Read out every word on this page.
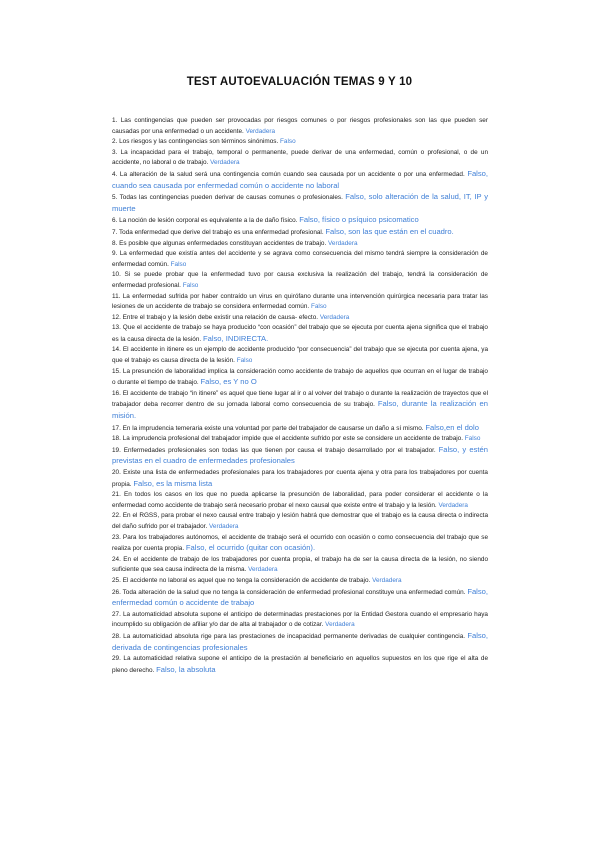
TEST AUTOEVALUACIÓN TEMAS 9 Y 10

1. Las contingencias que pueden ser provocadas por riesgos comunes o por riesgos profesionales son las que pueden ser causadas por una enfermedad o un accidente. Verdadera

2. Los riesgos y las contingencias son términos sinónimos. Falso

3. La incapacidad para el trabajo, temporal o permanente, puede derivar de una enfermedad, común o profesional, o de un accidente, no laboral o de trabajo. Verdadera

4. La alteración de la salud será una contingencia común cuando sea causada por un accidente o por una enfermedad. Falso, cuando sea causada por enfermedad común o accidente no laboral

5. Todas las contingencias pueden derivar de causas comunes o profesionales. Falso, solo alteración de la salud, IT, IP y muerte

6. La noción de lesión corporal es equivalente a la de daño físico. Falso, físico o psíquico psicomatico

7. Toda enfermedad que derive del trabajo es una enfermedad profesional. Falso, son las que están en el cuadro.

8. Es posible que algunas enfermedades constituyan accidentes de trabajo. Verdadera

9. La enfermedad que existía antes del accidente y se agrava como consecuencia del mismo tendrá siempre la consideración de enfermedad común. Falso

10. Si se puede probar que la enfermedad tuvo por causa exclusiva la realización del trabajo, tendrá la consideración de enfermedad profesional. Falso

11. La enfermedad sufrida por haber contraído un virus en quirófano durante una intervención quirúrgica necesaria para tratar las lesiones de un accidente de trabajo se considera enfermedad común. Falso

12. Entre el trabajo y la lesión debe existir una relación de causa- efecto. Verdadera

13. Que el accidente de trabajo se haya producido “con ocasión” del trabajo que se ejecuta por cuenta ajena significa que el trabajo es la causa directa de la lesión. Falso, INDIRECTA.

14. El accidente in itinere es un ejemplo de accidente producido “por consecuencia” del trabajo que se ejecuta por cuenta ajena, ya que el trabajo es causa directa de la lesión. Falso

15. La presunción de laboralidad implica la consideración como accidente de trabajo de aquellos que ocurran en el lugar de trabajo o durante el tiempo de trabajo. Falso, es Y no O

16. El accidente de trabajo “in itinere” es aquel que tiene lugar al ir o al volver del trabajo o durante la realización de trayectos que el trabajador deba recorrer dentro de su jornada laboral como consecuencia de su trabajo. Falso, durante la realización en misión.

17. En la imprudencia temeraria existe una voluntad por parte del trabajador de causarse un daño a sí mismo. Falso,en el dolo

18. La imprudencia profesional del trabajador impide que el accidente sufrido por este se considere un accidente de trabajo. Falso

19. Enfermedades profesionales son todas las que tienen por causa el trabajo desarrollado por el trabajador. Falso, y estén previstas en el cuadro de enfermedades profesionales

20. Existe una lista de enfermedades profesionales para los trabajadores por cuenta ajena y otra para los trabajadores por cuenta propia. Falso, es la misma lista

21. En todos los casos en los que no pueda aplicarse la presunción de laboralidad, para poder considerar el accidente o la enfermedad como accidente de trabajo será necesario probar el nexo causal que existe entre el trabajo y la lesión. Verdadera

22. En el RGSS, para probar el nexo causal entre trabajo y lesión habrá que demostrar que el trabajo es la causa directa o indirecta del daño sufrido por el trabajador. Verdadera

23. Para los trabajadores autónomos, el accidente de trabajo será el ocurrido con ocasión o como consecuencia del trabajo que se realiza por cuenta propia. Falso, el ocurrido (quitar con ocasión).

24. En el accidente de trabajo de los trabajadores por cuenta propia, el trabajo ha de ser la causa directa de la lesión, no siendo suficiente que sea causa indirecta de la misma. Verdadera

25. El accidente no laboral es aquel que no tenga la consideración de accidente de trabajo. Verdadera

26. Toda alteración de la salud que no tenga la consideración de enfermedad profesional constituye una enfermedad común. Falso, enfermedad común o accidente de trabajo

27. La automaticidad absoluta supone el anticipo de determinadas prestaciones por la Entidad Gestora cuando el empresario haya incumplido su obligación de afiliar y/o dar de alta al trabajador o de cotizar. Verdadera

28. La automaticidad absoluta rige para las prestaciones de incapacidad permanente derivadas de cualquier contingencia. Falso, derivada de contingencias profesionales

29. La automaticidad relativa supone el anticipo de la prestación al beneficiario en aquellos supuestos en los que rige el alta de pleno derecho. Falso, la absoluta
